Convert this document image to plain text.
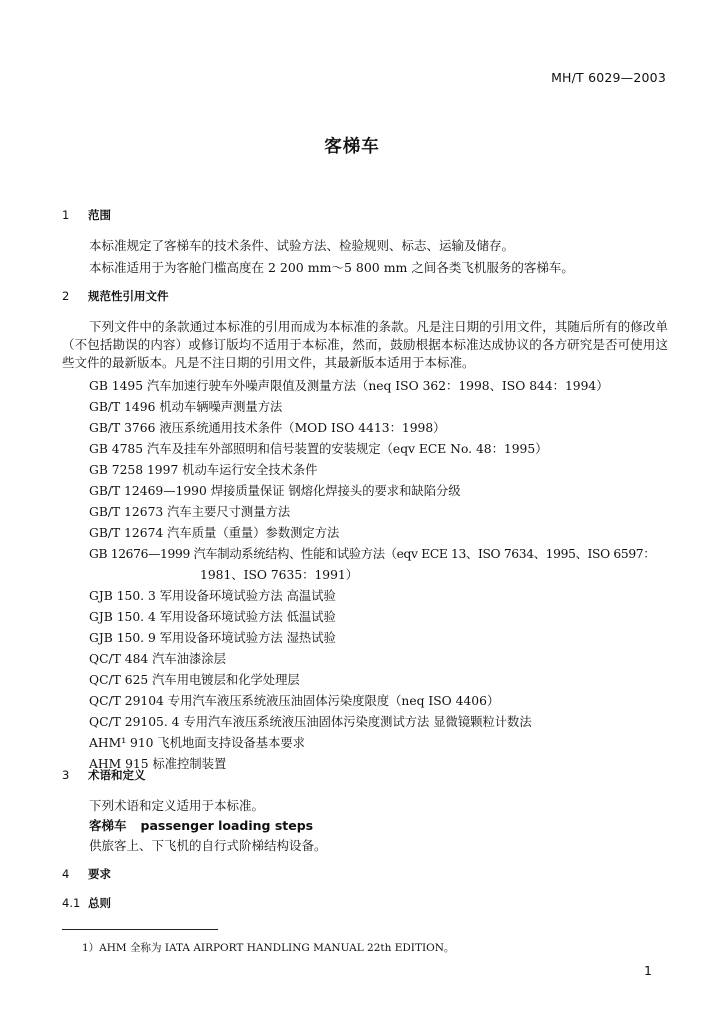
MH/T 6029—2003
客梯车
1 范围
本标准规定了客梯车的技术条件、试验方法、检验规则、标志、运输及储存。
本标准适用于为客舱门槛高度在 2 200 mm～5 800 mm 之间各类飞机服务的客梯车。
2 规范性引用文件
下列文件中的条款通过本标准的引用而成为本标准的条款。凡是注日期的引用文件，其随后所有的修改单（不包括勘误的内容）或修订版均不适用于本标准，然而，鼓励根据本标准达成协议的各方研究是否可使用这些文件的最新版本。凡是不注日期的引用文件，其最新版本适用于本标准。
GB 1495 汽车加速行驶车外噪声限值及测量方法（neq ISO 362：1998、ISO 844：1994）
GB/T 1496 机动车辆噪声测量方法
GB/T 3766 液压系统通用技术条件（MOD ISO 4413：1998）
GB 4785 汽车及挂车外部照明和信号装置的安装规定（eqv ECE No. 48：1995）
GB 7258 1997 机动车运行安全技术条件
GB/T 12469—1990 焊接质量保证 钢熔化焊接头的要求和缺陷分级
GB/T 12673 汽车主要尺寸测量方法
GB/T 12674 汽车质量（重量）参数测定方法
GB 12676—1999 汽车制动系统结构、性能和试验方法（eqv ECE 13、ISO 7634、1995、ISO 6597：
1981、ISO 7635：1991）
GJB 150. 3 军用设备环境试验方法 高温试验
GJB 150. 4 军用设备环境试验方法 低温试验
GJB 150. 9 军用设备环境试验方法 湿热试验
QC/T 484 汽车油漆涂层
QC/T 625 汽车用电镀层和化学处理层
QC/T 29104 专用汽车液压系统液压油固体污染度限度（neq ISO 4406）
QC/T 29105. 4 专用汽车液压系统液压油固体污染度测试方法 显微镜颗粒计数法
AHM¹ 910 飞机地面支持设备基本要求
AHM 915 标准控制装置
3 术语和定义
下列术语和定义适用于本标准。
客梯车 passenger loading steps
供旅客上、下飞机的自行式阶梯结构设备。
4 要求
4.1 总则
1）AHM 全称为 IATA AIRPORT HANDLING MANUAL 22th EDITION。
1
